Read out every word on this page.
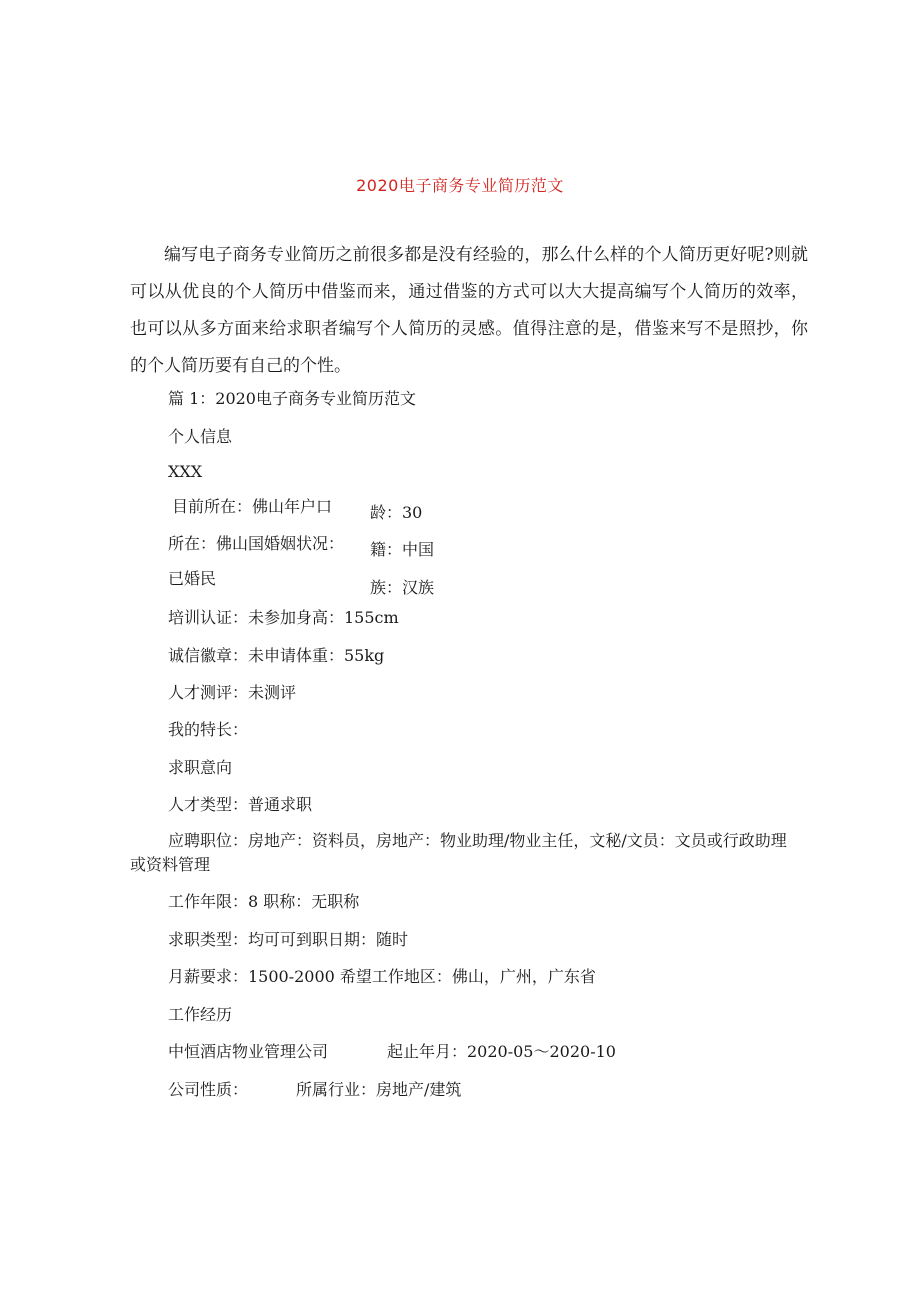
2020电子商务专业简历范文

编写电子商务专业简历之前很多都是没有经验的，那么什么样的个人简历更好呢?则就可以从优良的个人简历中借鉴而来，通过借鉴的方式可以大大提高编写个人简历的效率，也可以从多方面来给求职者编写个人简历的灵感。值得注意的是，借鉴来写不是照抄，你的个人简历要有自己的个性。

篇 1：2020电子商务专业简历范文

个人信息

XXX

目前所在：佛山年户口 龄：30

所在：佛山国婚姻状况： 籍：中国

已婚民	族：汉族

培训认证：未参加身高：155cm

诚信徽章：未申请体重：55kg

人才测评：未测评

我的特长：

求职意向

人才类型：普通求职

应聘职位：房地产：资料员，房地产：物业助理/物业主任，文秘/文员：文员或行政助理或资料管理

工作年限：8 职称：无职称

求职类型：均可可到职日期：随时

月薪要求：1500-2000 希望工作地区：佛山，广州，广东省

工作经历

中恒酒店物业管理公司	起止年月：2020-05～2020-10

公司性质：	所属行业：房地产/建筑
